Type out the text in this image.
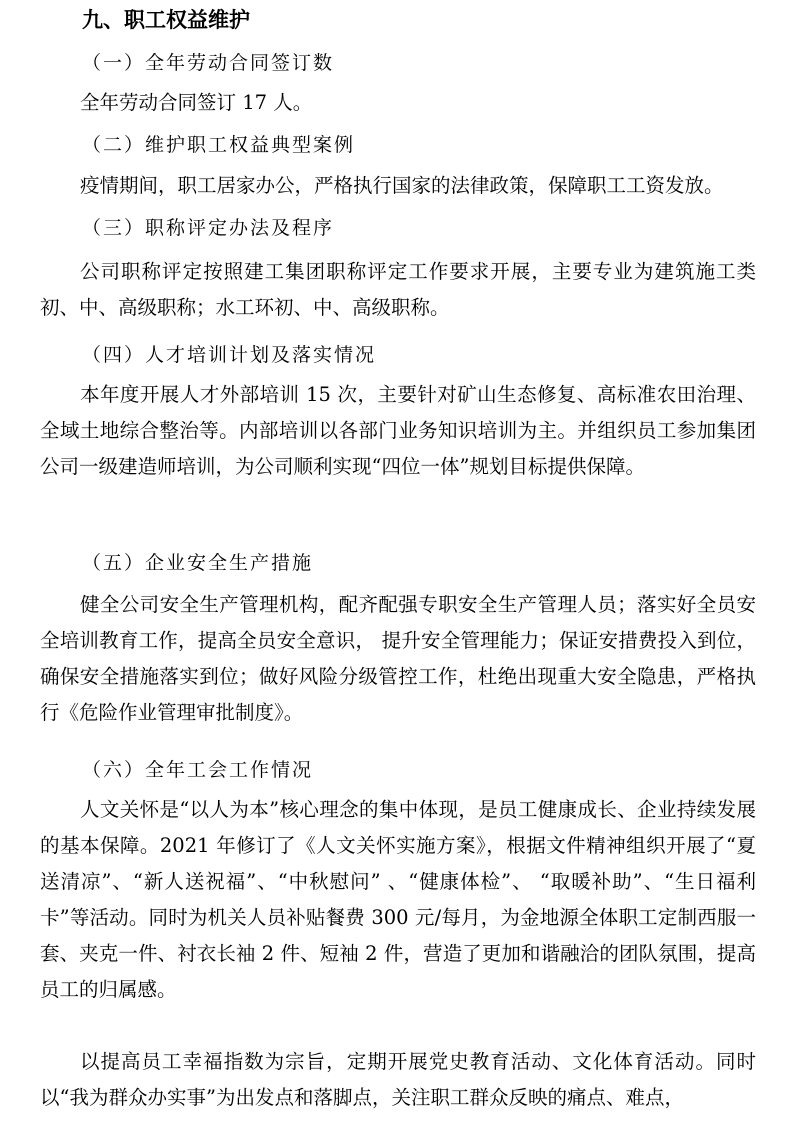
九、职工权益维护
（一）全年劳动合同签订数

全年劳动合同签订 17 人。

（二）维护职工权益典型案例

疫情期间，职工居家办公，严格执行国家的法律政策，保障职工工资发放。

（三）职称评定办法及程序

公司职称评定按照建工集团职称评定工作要求开展，主要专业为建筑施工类初、中、高级职称；水工环初、中、高级职称。

（四）人才培训计划及落实情况

本年度开展人才外部培训 15 次，主要针对矿山生态修复、高标准农田治理、全域土地综合整治等。内部培训以各部门业务知识培训为主。并组织员工参加集团公司一级建造师培训，为公司顺利实现“四位一体”规划目标提供保障。

（五）企业安全生产措施

健全公司安全生产管理机构，配齐配强专职安全生产管理人员；落实好全员安全培训教育工作，提高全员安全意识， 提升安全管理能力；保证安措费投入到位，确保安全措施落实到位；做好风险分级管控工作，杜绝出现重大安全隐患，严格执行《危险作业管理审批制度》。

（六）全年工会工作情况

人文关怀是“以人为本”核心理念的集中体现，是员工健康成长、企业持续发展的基本保障。2021 年修订了《人文关怀实施方案》，根据文件精神组织开展了“夏送清凉”、“新人送祝福”、“中秋慰问” 、“健康体检”、 “取暖补助”、“生日福利卡”等活动。同时为机关人员补贴餐费 300 元/每月，为金地源全体职工定制西服一套、夹克一件、衬衣长袖 2 件、短袖 2 件，营造了更加和谐融洽的团队氛围，提高员工的归属感。

以提高员工幸福指数为宗旨，定期开展党史教育活动、文化体育活动。同时以“我为群众办实事”为出发点和落脚点，关注职工群众反映的痛点、难点，
